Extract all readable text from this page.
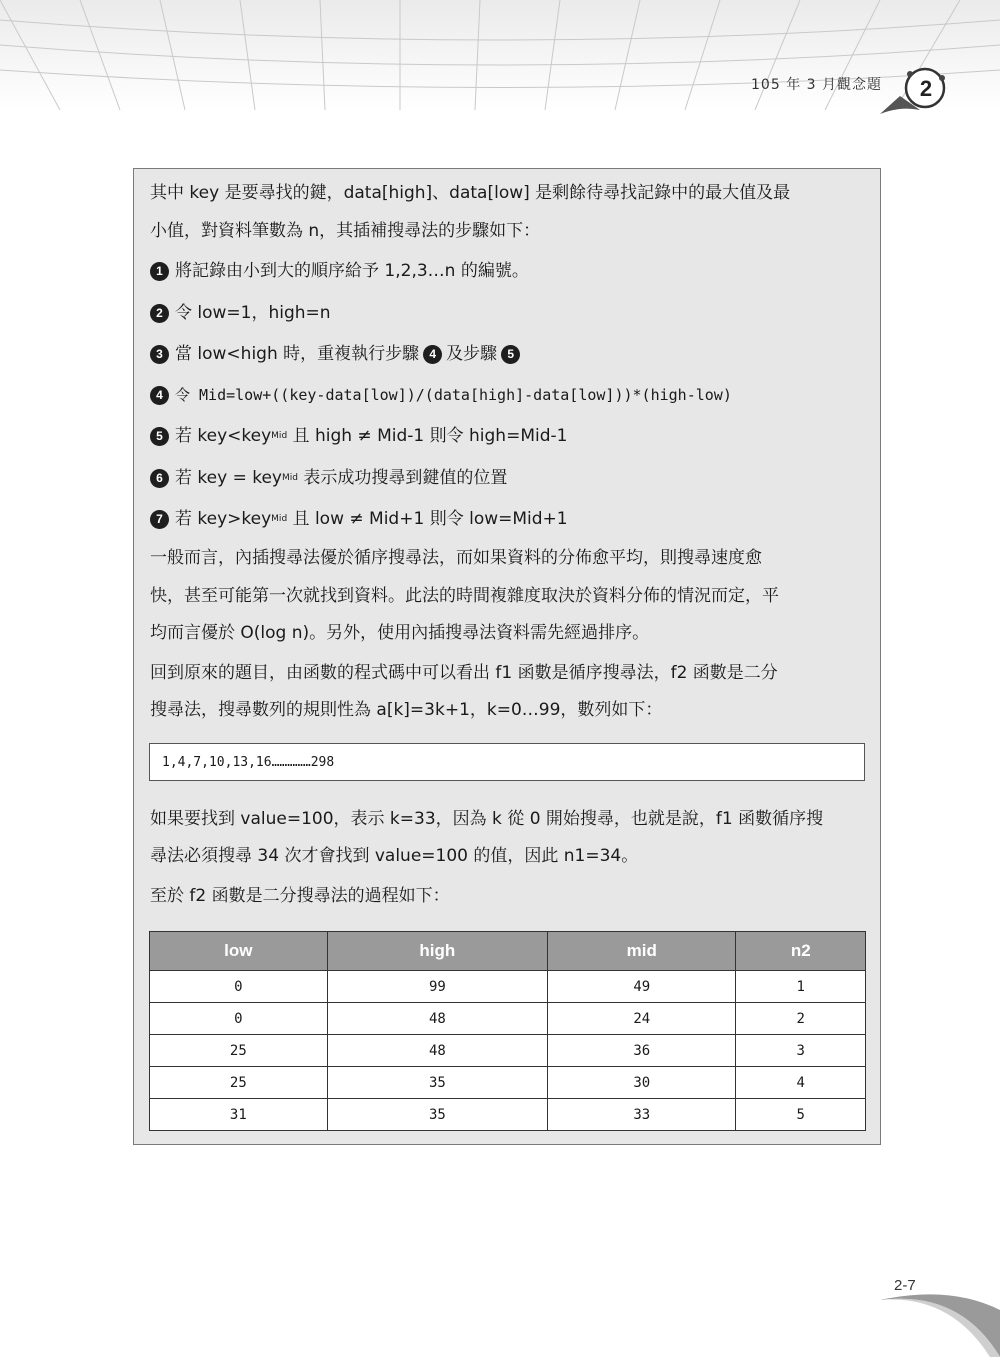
105 年 3 月觀念題	2
其中 key 是要尋找的鍵，data[high]、data[low] 是剩餘待尋找記錄中的最大值及最
小值，對資料筆數為 n，其插補搜尋法的步驟如下：
1 將記錄由小到大的順序給予 1,2,3…n 的編號。
2 令 low=1，high=n
3 當 low<high 時，重複執行步驟 4 及步驟 5
4 令 Mid=low+((key-data[low])/(data[high]-data[low]))*(high-low)
5 若 key<key Mid 且 high ≠ Mid-1 則令 high=Mid-1
6 若 key = key Mid 表示成功搜尋到鍵值的位置
7 若 key>key Mid 且 low ≠ Mid+1 則令 low=Mid+1
一般而言，內插搜尋法優於循序搜尋法，而如果資料的分佈愈平均，則搜尋速度愈
快，甚至可能第一次就找到資料。此法的時間複雜度取決於資料分佈的情況而定，平
均而言優於 O(log n)。另外，使用內插搜尋法資料需先經過排序。
回到原來的題目，由函數的程式碼中可以看出 f1 函數是循序搜尋法，f2 函數是二分
搜尋法，搜尋數列的規則性為 a[k]=3k+1，k=0…99，數列如下：
1,4,7,10,13,16……………298
如果要找到 value=100，表示 k=33，因為 k 從 0 開始搜尋，也就是說，f1 函數循序搜
尋法必須搜尋 34 次才會找到 value=100 的值，因此 n1=34。
至於 f2 函數是二分搜尋法的過程如下：
low	high	mid	n2
0	99	49	1
0	48	24	2
25	48	36	3
25	35	30	4
31	35	33	5
2-7
